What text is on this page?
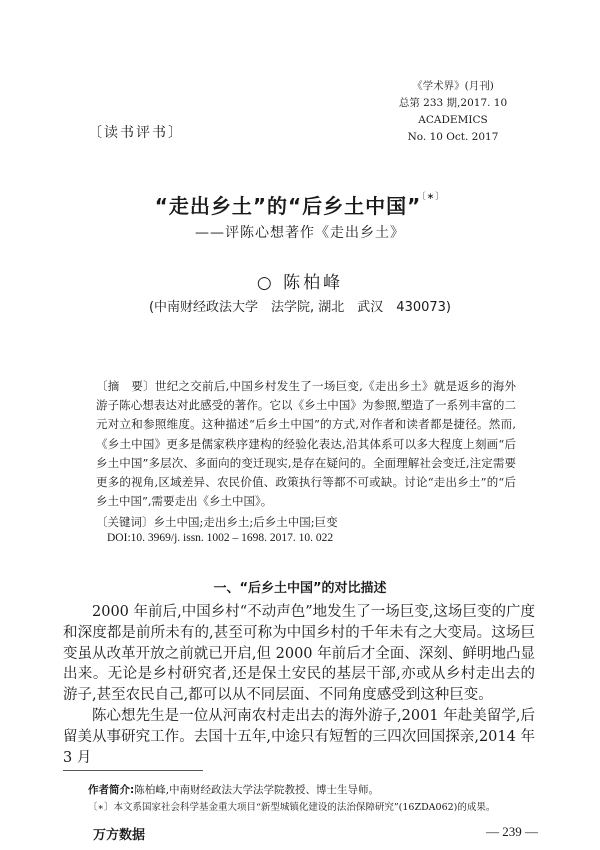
《学术界》(月刊)
总第 233 期,2017. 10
ACADEMICS
No. 10 Oct. 2017
〔读书评书〕
“走出乡土”的“后乡土中国”〔∗〕
——评陈心想著作《走出乡土》
○ 陈柏峰
(中南财经政法大学　法学院, 湖北　武汉　430073)
〔摘　要〕世纪之交前后,中国乡村发生了一场巨变,《走出乡土》就是返乡的海外游子陈心想表达对此感受的著作。它以《乡土中国》为参照,塑造了一系列丰富的二元对立和参照维度。这种描述“后乡土中国”的方式,对作者和读者都是捷径。然而,《乡土中国》更多是儒家秩序建构的经验化表达,沿其体系可以多大程度上刻画“后乡土中国”多层次、多面向的变迁现实,是存在疑问的。全面理解社会变迁,注定需要更多的视角,区域差异、农民价值、政策执行等都不可或缺。讨论“走出乡土”的“后乡土中国”,需要走出《乡土中国》。
〔关键词〕乡土中国;走出乡土;后乡土中国;巨变
DOI:10. 3969/j. issn. 1002 – 1698. 2017. 10. 022
一、“后乡土中国”的对比描述

2000 年前后,中国乡村“不动声色”地发生了一场巨变,这场巨变的广度和深度都是前所未有的,甚至可称为中国乡村的千年未有之大变局。这场巨变虽从改革开放之前就已开启,但 2000 年前后才全面、深刻、鲜明地凸显出来。无论是乡村研究者,还是保土安民的基层干部,亦或从乡村走出去的游子,甚至农民自己,都可以从不同层面、不同角度感受到这种巨变。

陈心想先生是一位从河南农村走出去的海外游子,2001 年赴美留学,后留美从事研究工作。去国十五年,中途只有短暂的三四次回国探亲,2014 年 3 月

作者简介:陈柏峰,中南财经政法大学法学院教授、博士生导师。
〔∗〕本文系国家社会科学基金重大项目“新型城镇化建设的法治保障研究”(16ZDA062)的成果。
万方数据	— 239 —
